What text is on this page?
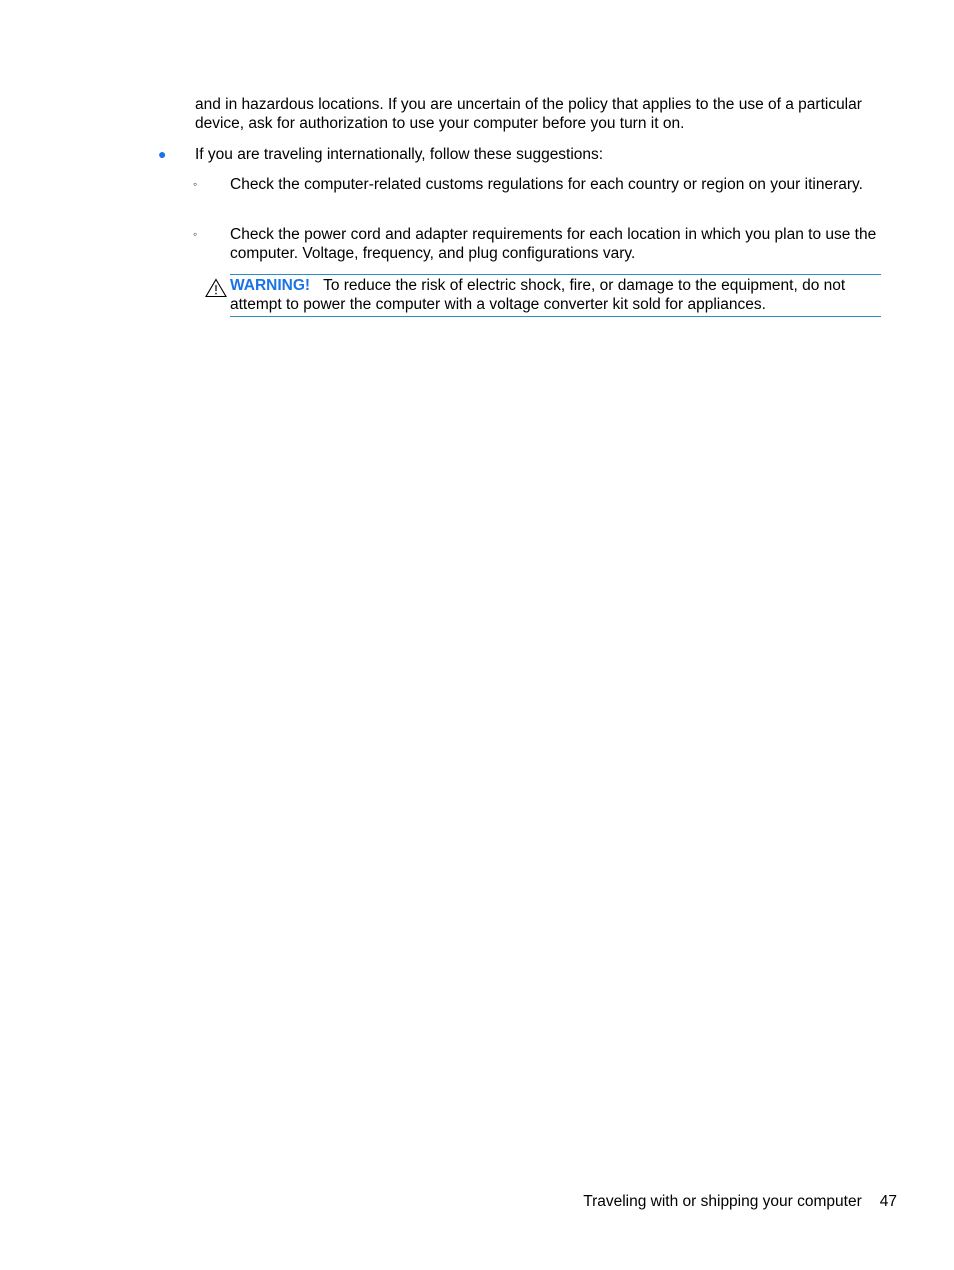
and in hazardous locations. If you are uncertain of the policy that applies to the use of a particular device, ask for authorization to use your computer before you turn it on.
● If you are traveling internationally, follow these suggestions:
◦	Check the computer-related customs regulations for each country or region on your itinerary.
◦	Check the power cord and adapter requirements for each location in which you plan to use the computer. Voltage, frequency, and plug configurations vary.
WARNING! To reduce the risk of electric shock, fire, or damage to the equipment, do not attempt to power the computer with a voltage converter kit sold for appliances.
Traveling with or shipping your computer 47
